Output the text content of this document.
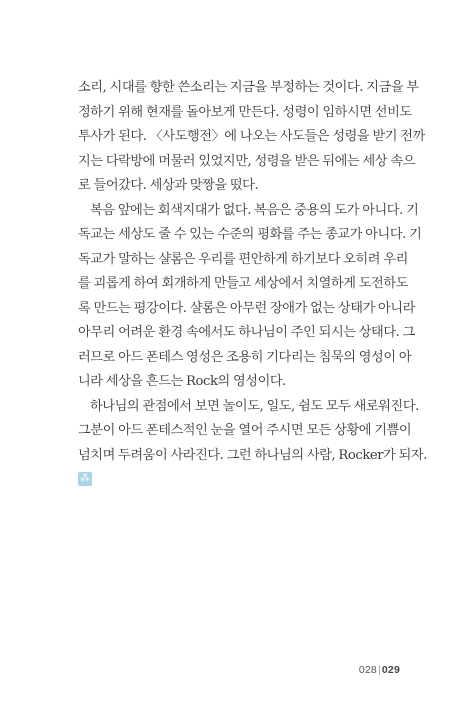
소리, 시대를 향한 쓴소리는 지금을 부정하는 것이다. 지금을 부
정하기 위해 현재를 돌아보게 만든다. 성령이 임하시면 선비도
투사가 된다. 〈사도행전〉에 나오는 사도들은 성령을 받기 전까
지는 다락방에 머물러 있었지만, 성령을 받은 뒤에는 세상 속으
로 들어갔다. 세상과 맞짱을 떴다.
복음 앞에는 회색지대가 없다. 복음은 중용의 도가 아니다. 기
독교는 세상도 줄 수 있는 수준의 평화를 주는 종교가 아니다. 기
독교가 말하는 샬롬은 우리를 편안하게 하기보다 오히려 우리
를 괴롭게 하여 회개하게 만들고 세상에서 치열하게 도전하도
록 만드는 평강이다. 샬롬은 아무런 장애가 없는 상태가 아니라
아무리 어려운 환경 속에서도 하나님이 주인 되시는 상태다. 그
러므로 아드 폰테스 영성은 조용히 기다리는 침묵의 영성이 아
니라 세상을 흔드는 Rock의 영성이다.
하나님의 관점에서 보면 놀이도, 일도, 쉼도 모두 새로워진다.
그분이 아드 폰테스적인 눈을 열어 주시면 모든 상황에 기쁨이
넘치며 두려움이 사라진다. 그런 하나님의 사람, Rocker가 되자.
⁂
028|029
